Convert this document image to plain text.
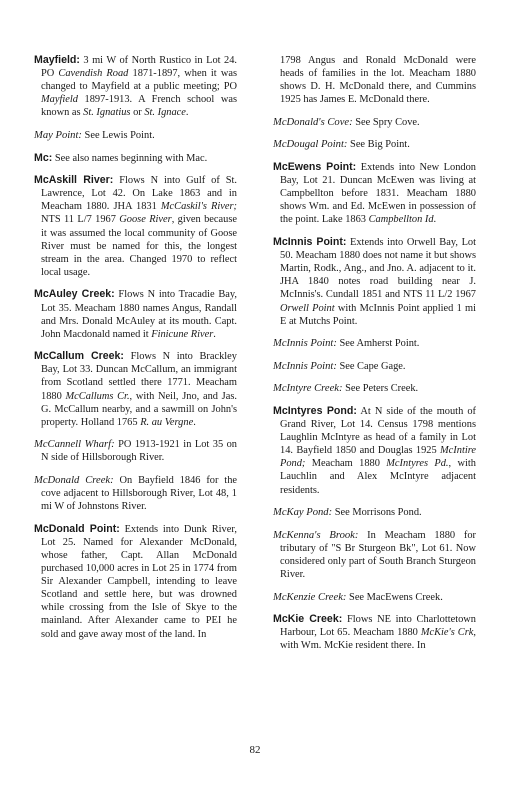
Mayfield: 3 mi W of North Rustico in Lot 24. PO Cavendish Road 1871-1897, when it was changed to Mayfield at a public meeting; PO Mayfield 1897-1913. A French school was known as St. Ignatius or St. Ignace.

May Point: See Lewis Point.

Mc: See also names beginning with Mac.

McAskill River: Flows N into Gulf of St. Lawrence, Lot 42. On Lake 1863 and in Meacham 1880. JHA 1831 McCaskil's River; NTS 11 L/7 1967 Goose River, given because it was assumed the local community of Goose River must be named for this, the longest stream in the area. Changed 1970 to reflect local usage.

McAuley Creek: Flows N into Tracadie Bay, Lot 35. Meacham 1880 names Angus, Randall and Mrs. Donald McAuley at its mouth. Capt. John Macdonald named it Finicune River.

McCallum Creek: Flows N into Brackley Bay, Lot 33. Duncan McCallum, an immigrant from Scotland settled there 1771. Meacham 1880 McCallums Cr., with Neil, Jno, and Jas. G. McCallum nearby, and a sawmill on John's property. Holland 1765 R. au Vergne.

McCannell Wharf: PO 1913-1921 in Lot 35 on N side of Hillsborough River.

McDonald Creek: On Bayfield 1846 for the cove adjacent to Hillsborough River, Lot 48, 1 mi W of Johnstons River.

McDonald Point: Extends into Dunk River, Lot 25. Named for Alexander McDonald, whose father, Capt. Allan McDonald purchased 10,000 acres in Lot 25 in 1774 from Sir Alexander Campbell, intending to leave Scotland and settle here, but was drowned while crossing from the Isle of Skye to the mainland. After Alexander came to PEI he sold and gave away most of the land. In

1798 Angus and Ronald McDonald were heads of families in the lot. Meacham 1880 shows D. H. McDonald there, and Cummins 1925 has James E. McDonald there.

McDonald's Cove: See Spry Cove.

McDougal Point: See Big Point.

McEwens Point: Extends into New London Bay, Lot 21. Duncan McEwen was living at Campbellton before 1831. Meacham 1880 shows Wm. and Ed. McEwen in possession of the point. Lake 1863 Campbellton Id.

McInnis Point: Extends into Orwell Bay, Lot 50. Meacham 1880 does not name it but shows Martin, Rodk., Ang., and Jno. A. adjacent to it. JHA 1840 notes road building near J. McInnis's. Cundall 1851 and NTS 11 L/2 1967 Orwell Point with McInnis Point applied 1 mi E at Mutchs Point.

McInnis Point: See Amherst Point.

McInnis Point: See Cape Gage.

McIntyre Creek: See Peters Creek.

McIntyres Pond: At N side of the mouth of Grand River, Lot 14. Census 1798 mentions Laughlin McIntyre as head of a family in Lot 14. Bayfield 1850 and Douglas 1925 McIntire Pond; Meacham 1880 McIntyres Pd., with Lauchlin and Alex McIntyre adjacent residents.

McKay Pond: See Morrisons Pond.

McKenna's Brook: In Meacham 1880 for tributary of "S Br Sturgeon Bk", Lot 61. Now considered only part of South Branch Sturgeon River.

McKenzie Creek: See MacEwens Creek.

McKie Creek: Flows NE into Charlottetown Harbour, Lot 65. Meacham 1880 McKie's Crk, with Wm. McKie resident there. In

82
